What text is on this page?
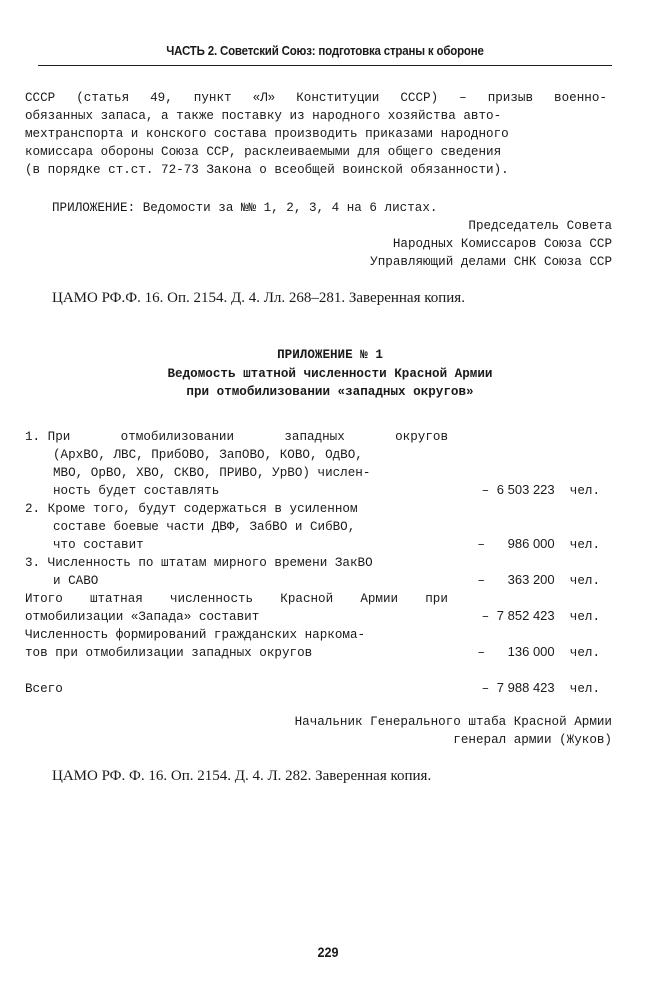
ЧАСТЬ 2. Советский Союз: подготовка страны к обороне
СССР (статья 49, пункт «Л» Конституции СССР) – призыв военно-
обязанных запаса, а также поставку из народного хозяйства авто-
мехтранспорта и конского состава производить приказами народного
комиссара обороны Союза ССР, расклеиваемыми для общего сведения
(в порядке ст.ст. 72-73 Закона о всеобщей воинской обязанности).
ПРИЛОЖЕНИЕ: Ведомости за №№ 1, 2, 3, 4 на 6 листах.
Председатель Совета
Народных Комиссаров Союза ССР
Управляющий делами СНК Союза ССР
ЦАМО РФ.Ф. 16. Оп. 2154. Д. 4. Лл. 268–281. Заверенная копия.
ПРИЛОЖЕНИЕ № 1
Ведомость штатной численности Красной Армии
при отмобилизовании «западных округов»
1. При	отмобилизовании	западных	округов
(АрхВО, ЛВС, ПрибОВО, ЗапОВО, КОВО, ОдВО,
МВО, ОрВО, ХВО, СКВО, ПРИВО, УрВО) числен-
ность будет составлять	– 6 503 223 чел.
2. Кроме того, будут содержаться в усиленном
составе боевые части ДВФ, ЗабВО и СибВО,
что составит	– 986 000 чел.
3. Численность по штатам мирного времени ЗакВО
и САВО	– 363 200 чел.
Итого штатная численность Красной Армии при
отмобилизации «Запада» составит	– 7 852 423 чел.
Численность формирований гражданских наркома-
тов при отмобилизации западных округов	– 136 000 чел.
Всего	– 7 988 423 чел.
Начальник Генерального штаба Красной Армии
генерал армии (Жуков)
ЦАМО РФ. Ф. 16. Оп. 2154. Д. 4. Л. 282. Заверенная копия.
229
